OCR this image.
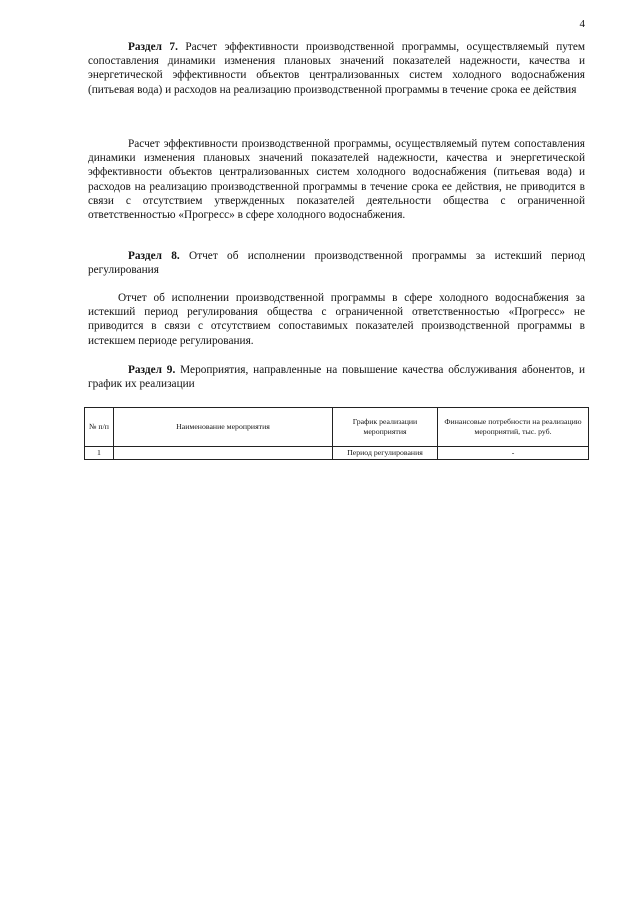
4

Раздел 7. Расчет эффективности производственной программы, осуществляемый путем сопоставления динамики изменения плановых значений показателей надежности, качества и энергетической эффективности объектов централизованных систем холодного водоснабжения (питьевая вода) и расходов на реализацию производственной программы в течение срока ее действия

Расчет эффективности производственной программы, осуществляемый путем сопоставления динамики изменения плановых значений показателей надежности, качества и энергетической эффективности объектов централизованных систем холодного водоснабжения (питьевая вода) и расходов на реализацию производственной программы в течение срока ее действия, не приводится в связи с отсутствием утвержденных показателей деятельности общества с ограниченной ответственностью «Прогресс» в сфере холодного водоснабжения.

Раздел 8. Отчет об исполнении производственной программы за истекший период регулирования

Отчет об исполнении производственной программы в сфере холодного водоснабжения за истекший период регулирования общества с ограниченной ответственностью «Прогресс» не приводится в связи с отсутствием сопоставимых показателей производственной программы в истекшем периоде регулирования.

Раздел 9. Мероприятия, направленные на повышение качества обслуживания абонентов, и график их реализации

№ п/п	Наименование мероприятия	График реализации мероприятия	Финансовые потребности на реализацию мероприятий, тыс. руб.
1		Период регулирования	-
